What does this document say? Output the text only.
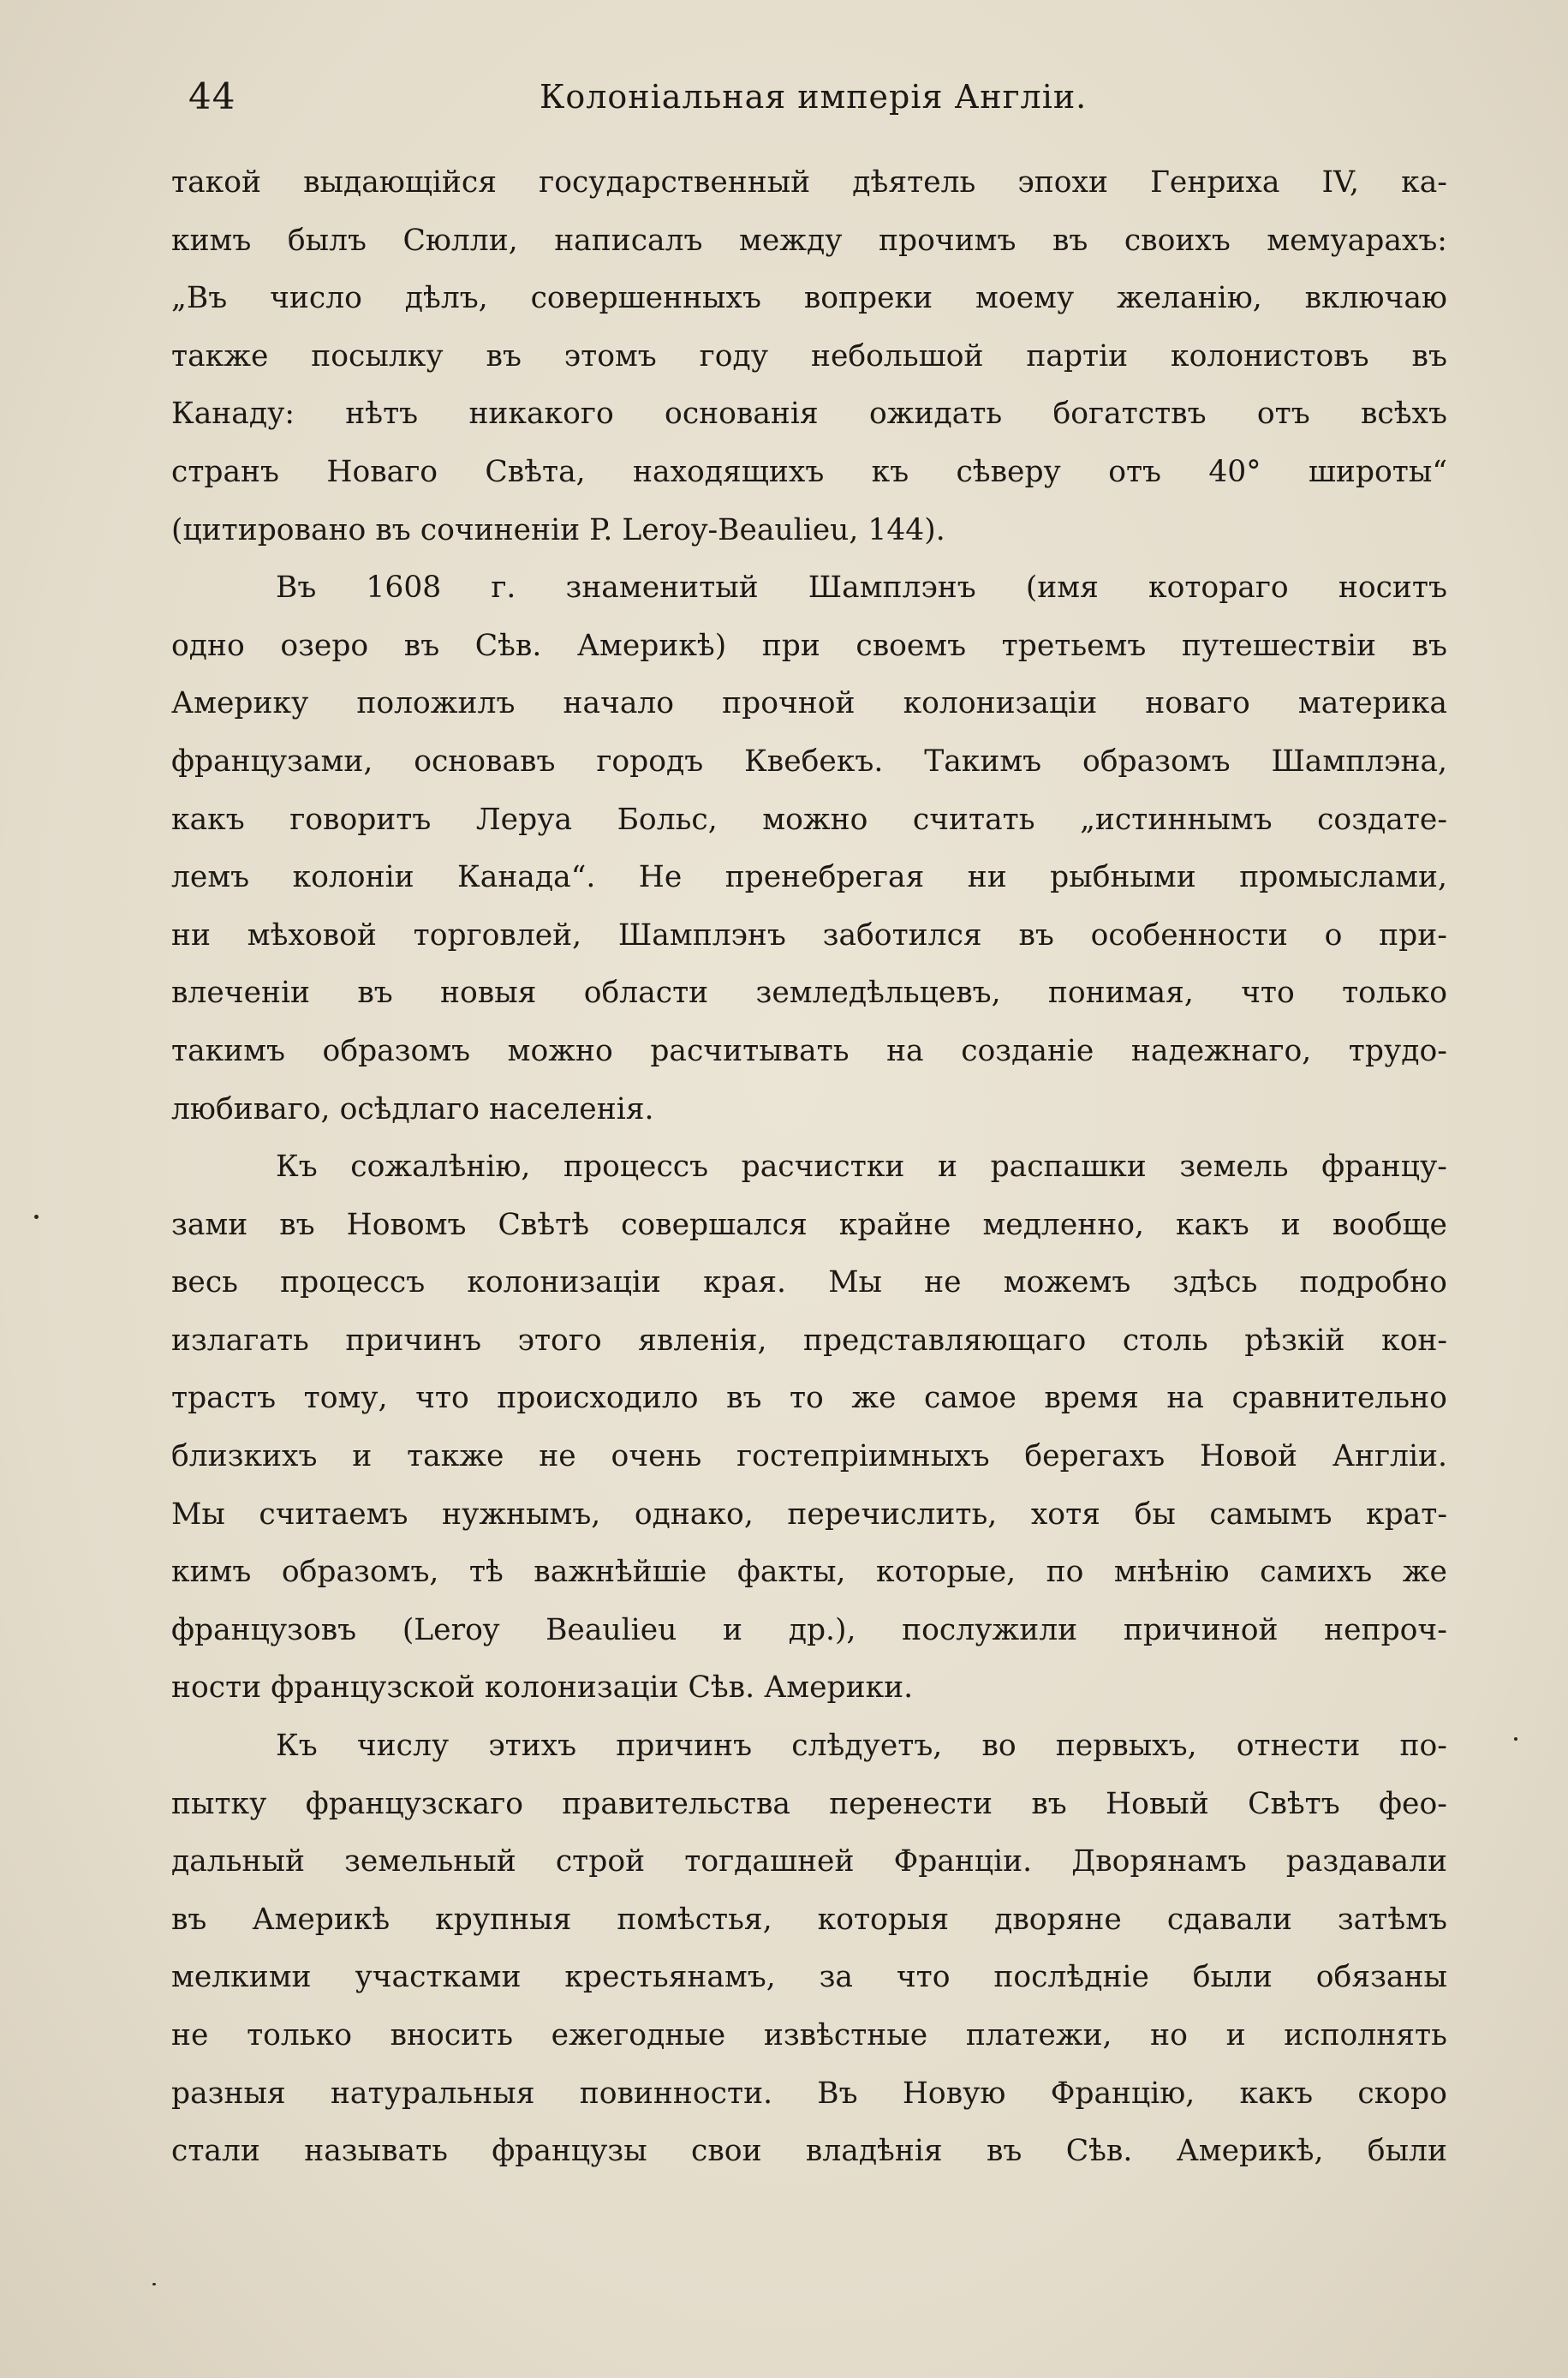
44	Колоніальная имперія Англіи.
такой выдающійся государственный дѣятель эпохи Генриха IV, ка-
кимъ былъ Сюлли, написалъ между прочимъ въ своихъ мемуарахъ:
„Въ число дѣлъ, совершенныхъ вопреки моему желанію, включаю
также посылку въ этомъ году небольшой партіи колонистовъ въ
Канаду: нѣтъ никакого основанія ожидать богатствъ отъ всѣхъ
странъ Новаго Свѣта, находящихъ къ сѣверу отъ 40° широты“
(цитировано въ сочиненіи P. Leroy-Beaulieu, 144).
Въ 1608 г. знаменитый Шамплэнъ (имя котораго носитъ
одно озеро въ Сѣв. Америкѣ) при своемъ третьемъ путешествіи въ
Америку положилъ начало прочной колонизаціи новаго материка
французами, основавъ городъ Квебекъ. Такимъ образомъ Шамплэна,
какъ говоритъ Леруа Больс, можно считать „истиннымъ создате-
лемъ колоніи Канада“. Не пренебрегая ни рыбными промыслами,
ни мѣховой торговлей, Шамплэнъ заботился въ особенности о при-
влеченіи въ новыя области земледѣльцевъ, понимая, что только
такимъ образомъ можно расчитывать на созданіе надежнаго, трудо-
любиваго, осѣдлаго населенія.
Къ сожалѣнію, процессъ расчистки и распашки земель францу-
зами въ Новомъ Свѣтѣ совершался крайне медленно, какъ и вообще
весь процессъ колонизаціи края. Мы не можемъ здѣсь подробно
излагать причинъ этого явленія, представляющаго столь рѣзкій кон-
трастъ тому, что происходило въ то же самое время на сравнительно
близкихъ и также не очень гостепріимныхъ берегахъ Новой Англіи.
Мы считаемъ нужнымъ, однако, перечислить, хотя бы самымъ крат-
кимъ образомъ, тѣ важнѣйшіе факты, которые, по мнѣнію самихъ же
французовъ (Leroy Beaulieu и др.), послужили причиной непроч-
ности французской колонизаціи Сѣв. Америки.
Къ числу этихъ причинъ слѣдуетъ, во первыхъ, отнести по-
пытку французскаго правительства перенести въ Новый Свѣтъ фео-
дальный земельный строй тогдашней Франціи. Дворянамъ раздавали
въ Америкѣ крупныя помѣстья, которыя дворяне сдавали затѣмъ
мелкими участками крестьянамъ, за что послѣдніе были обязаны
не только вносить ежегодные извѣстные платежи, но и исполнять
разныя натуральныя повинности. Въ Новую Францію, какъ скоро
стали называть французы свои владѣнія въ Сѣв. Америкѣ, были
